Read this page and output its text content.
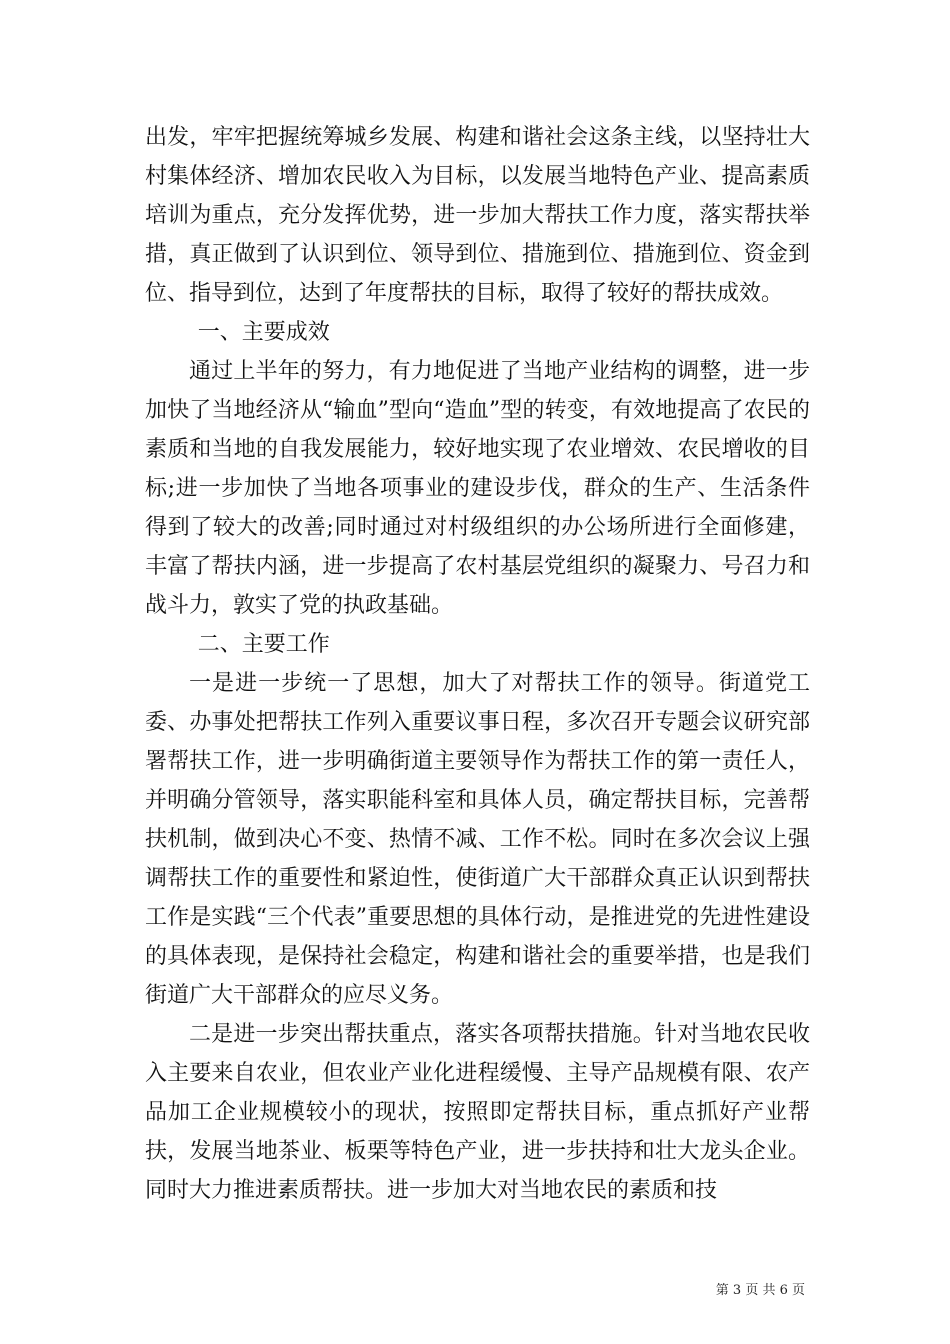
出发，牢牢把握统筹城乡发展、构建和谐社会这条主线，以坚持壮大村集体经济、增加农民收入为目标，以发展当地特色产业、提高素质培训为重点，充分发挥优势，进一步加大帮扶工作力度，落实帮扶举措，真正做到了认识到位、领导到位、措施到位、措施到位、资金到位、指导到位，达到了年度帮扶的目标，取得了较好的帮扶成效。

一、主要成效

通过上半年的努力，有力地促进了当地产业结构的调整，进一步加快了当地经济从“输血”型向“造血”型的转变，有效地提高了农民的素质和当地的自我发展能力，较好地实现了农业增效、农民增收的目标;进一步加快了当地各项事业的建设步伐，群众的生产、生活条件得到了较大的改善;同时通过对村级组织的办公场所进行全面修建，丰富了帮扶内涵，进一步提高了农村基层党组织的凝聚力、号召力和战斗力，敦实了党的执政基础。

二、主要工作

一是进一步统一了思想，加大了对帮扶工作的领导。街道党工委、办事处把帮扶工作列入重要议事日程，多次召开专题会议研究部署帮扶工作，进一步明确街道主要领导作为帮扶工作的第一责任人，并明确分管领导，落实职能科室和具体人员，确定帮扶目标，完善帮扶机制，做到决心不变、热情不减、工作不松。同时在多次会议上强调帮扶工作的重要性和紧迫性，使街道广大干部群众真正认识到帮扶工作是实践“三个代表”重要思想的具体行动，是推进党的先进性建设的具体表现，是保持社会稳定，构建和谐社会的重要举措，也是我们街道广大干部群众的应尽义务。

二是进一步突出帮扶重点，落实各项帮扶措施。针对当地农民收入主要来自农业，但农业产业化进程缓慢、主导产品规模有限、农产品加工企业规模较小的现状，按照即定帮扶目标，重点抓好产业帮扶，发展当地茶业、板栗等特色产业，进一步扶持和壮大龙头企业。同时大力推进素质帮扶。进一步加大对当地农民的素质和技

第 3 页 共 6 页
